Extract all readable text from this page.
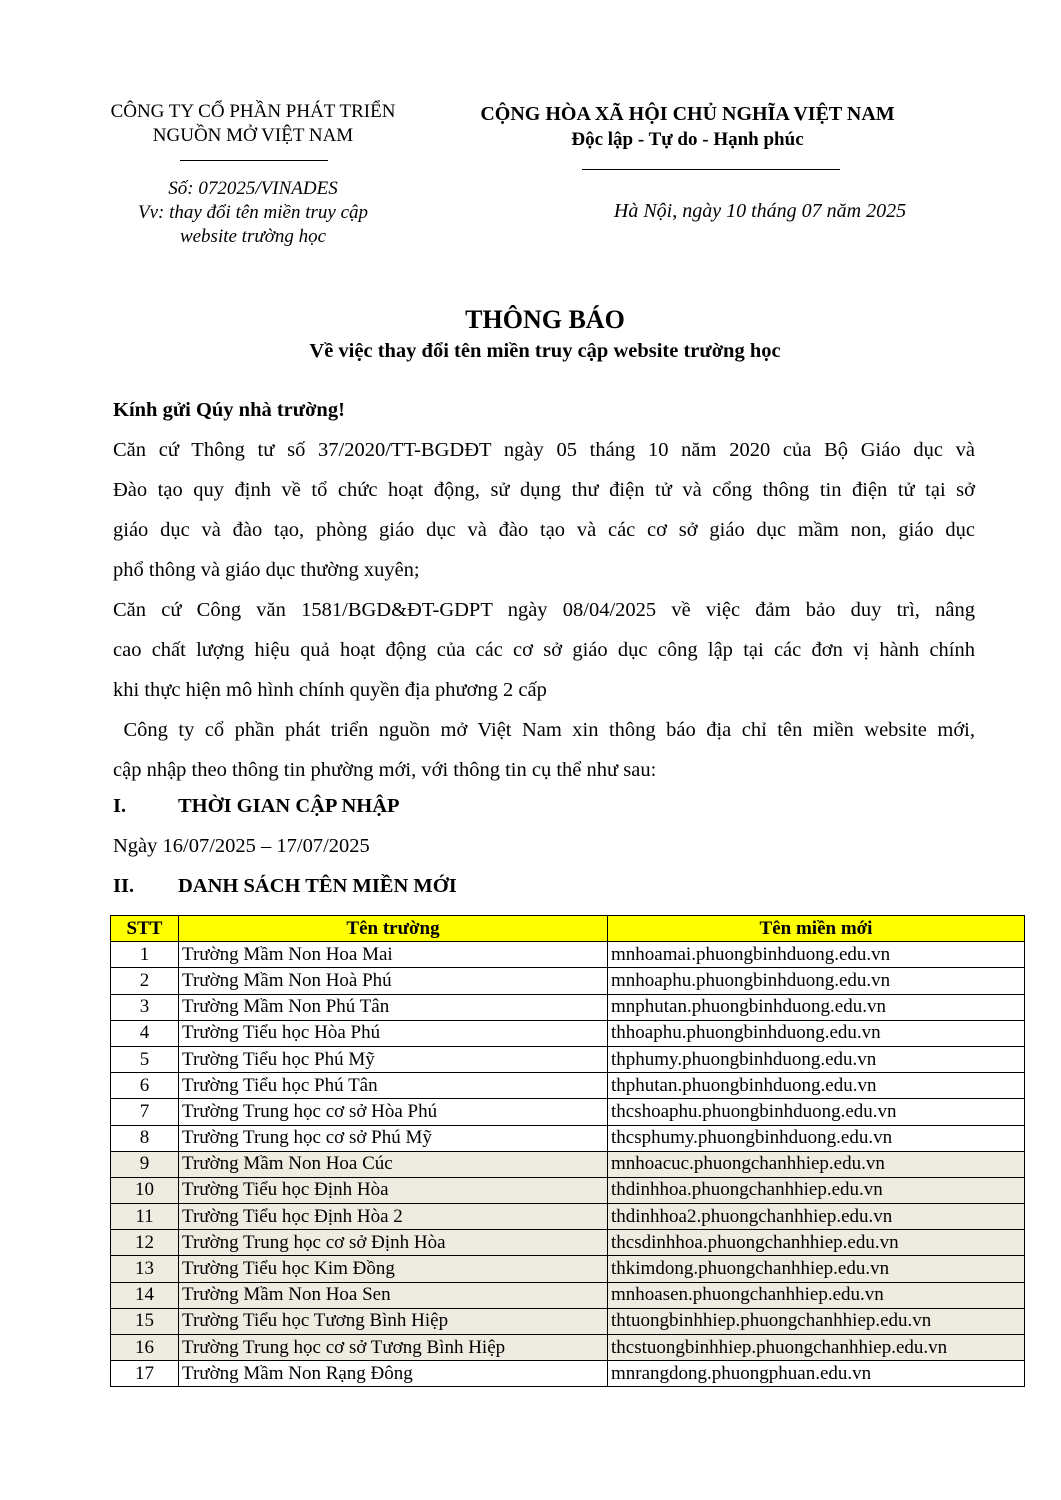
CÔNG TY CỔ PHẦN PHÁT TRIỂN
NGUỒN MỞ VIỆT NAM
Số: 072025/VINADES
Vv: thay đổi tên miền truy cập
website trường học
CỘNG HÒA XÃ HỘI CHỦ NGHĨA VIỆT NAM
Độc lập - Tự do - Hạnh phúc
Hà Nội, ngày 10 tháng 07 năm 2025
THÔNG BÁO
Về việc thay đổi tên miền truy cập website trường học
Kính gửi Qúy nhà trường!
Căn cứ Thông tư số 37/2020/TT-BGDĐT ngày 05 tháng 10 năm 2020 của Bộ Giáo dục và
Đào tạo quy định về tổ chức hoạt động, sử dụng thư điện tử và cổng thông tin điện tử tại sở
giáo dục và đào tạo, phòng giáo dục và đào tạo và các cơ sở giáo dục mầm non, giáo dục
phổ thông và giáo dục thường xuyên;
Căn cứ Công văn 1581/BGD&ĐT-GDPT ngày 08/04/2025 về việc đảm bảo duy trì, nâng
cao chất lượng hiệu quả hoạt động của các cơ sở giáo dục công lập tại các đơn vị hành chính
khi thực hiện mô hình chính quyền địa phương 2 cấp
Công ty cổ phần phát triển nguồn mở Việt Nam xin thông báo địa chỉ tên miền website mới,
cập nhập theo thông tin phường mới, với thông tin cụ thể như sau:
I.	THỜI GIAN CẬP NHẬP
Ngày 16/07/2025 – 17/07/2025
II. DANH SÁCH TÊN MIỀN MỚI
STT	Tên trường	Tên miền mới
1	Trường Mầm Non Hoa Mai	mnhoamai.phuongbinhduong.edu.vn
2	Trường Mầm Non Hoà Phú	mnhoaphu.phuongbinhduong.edu.vn
3	Trường Mầm Non Phú Tân	mnphutan.phuongbinhduong.edu.vn
4	Trường Tiểu học Hòa Phú	thhoaphu.phuongbinhduong.edu.vn
5	Trường Tiểu học Phú Mỹ	thphumy.phuongbinhduong.edu.vn
6	Trường Tiểu học Phú Tân	thphutan.phuongbinhduong.edu.vn
7	Trường Trung học cơ sở Hòa Phú	thcshoaphu.phuongbinhduong.edu.vn
8	Trường Trung học cơ sở Phú Mỹ	thcsphumy.phuongbinhduong.edu.vn
9	Trường Mầm Non Hoa Cúc	mnhoacuc.phuongchanhhiep.edu.vn
10	Trường Tiểu học Định Hòa	thdinhhoa.phuongchanhhiep.edu.vn
11	Trường Tiểu học Định Hòa 2	thdinhhoa2.phuongchanhhiep.edu.vn
12	Trường Trung học cơ sở Định Hòa	thcsdinhhoa.phuongchanhhiep.edu.vn
13	Trường Tiểu học Kim Đồng	thkimdong.phuongchanhhiep.edu.vn
14	Trường Mầm Non Hoa Sen	mnhoasen.phuongchanhhiep.edu.vn
15	Trường Tiểu học Tương Bình Hiệp	thtuongbinhhiep.phuongchanhhiep.edu.vn
16	Trường Trung học cơ sở Tương Bình Hiệp	thcstuongbinhhiep.phuongchanhhiep.edu.vn
17	Trường Mầm Non Rạng Đông	mnrangdong.phuongphuan.edu.vn
